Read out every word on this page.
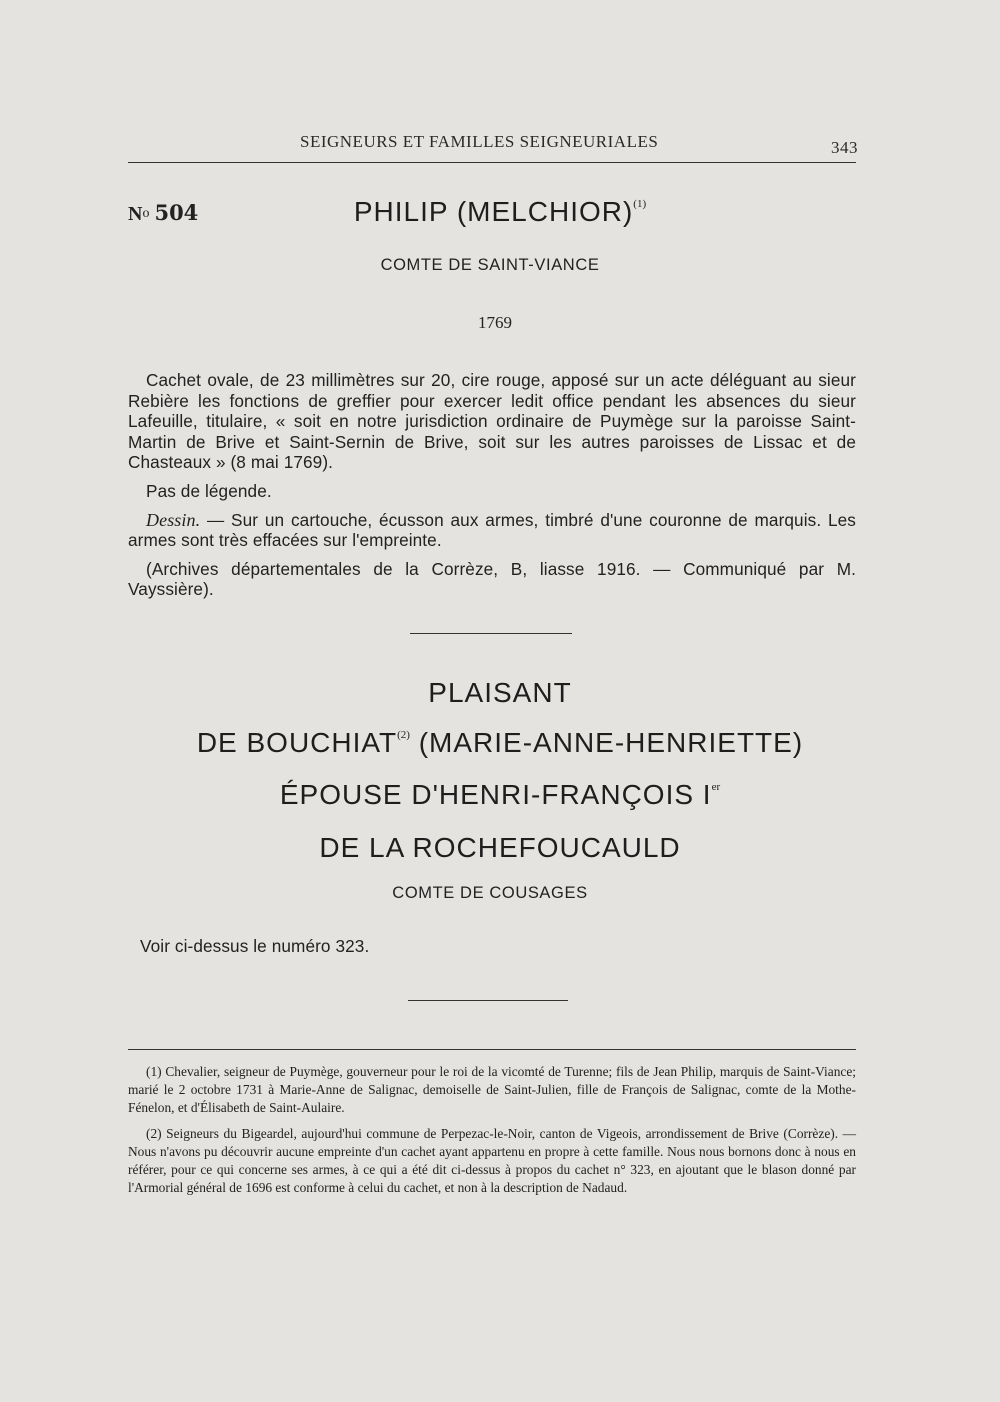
SEIGNEURS ET FAMILLES SEIGNEURIALES	343
No 504	PHILIP (MELCHIOR)$^{(1)}$
COMTE DE SAINT-VIANCE
1769

Cachet ovale, de 23 millimètres sur 20, cire rouge, apposé sur un acte déléguant au sieur Rebière les fonctions de greffier pour exercer ledit office pendant les absences du sieur Lafeuille, titulaire, « soit en notre jurisdiction ordinaire de Puymège sur la paroisse Saint-Martin de Brive et Saint-Sernin de Brive, soit sur les autres paroisses de Lissac et de Chasteaux » (8 mai 1769).

Pas de légende.

Dessin. — Sur un cartouche, écusson aux armes, timbré d'une couronne de marquis. Les armes sont très effacées sur l'empreinte.

(Archives départementales de la Corrèze, B, liasse 1916. — Communiqué par M. Vayssière).

PLAISANT
DE BOUCHIAT$^{(2)}$ (MARIE-ANNE-HENRIETTE)
ÉPOUSE D'HENRI-FRANÇOIS Ier
DE LA ROCHEFOUCAULD
COMTE DE COUSAGES
Voir ci-dessus le numéro 323.

(1) Chevalier, seigneur de Puymège, gouverneur pour le roi de la vicomté de Turenne; fils de Jean Philip, marquis de Saint-Viance; marié le 2 octobre 1731 à Marie-Anne de Salignac, demoiselle de Saint-Julien, fille de François de Salignac, comte de la Mothe-Fénelon, et d'Élisabeth de Saint-Aulaire.

(2) Seigneurs du Bigeardel, aujourd'hui commune de Perpezac-le-Noir, canton de Vigeois, arrondissement de Brive (Corrèze). — Nous n'avons pu découvrir aucune empreinte d'un cachet ayant appartenu en propre à cette famille. Nous nous bornons donc à nous en référer, pour ce qui concerne ses armes, à ce qui a été dit ci-dessus à propos du cachet n° 323, en ajoutant que le blason donné par l'Armorial général de 1696 est conforme à celui du cachet, et non à la description de Nadaud.
